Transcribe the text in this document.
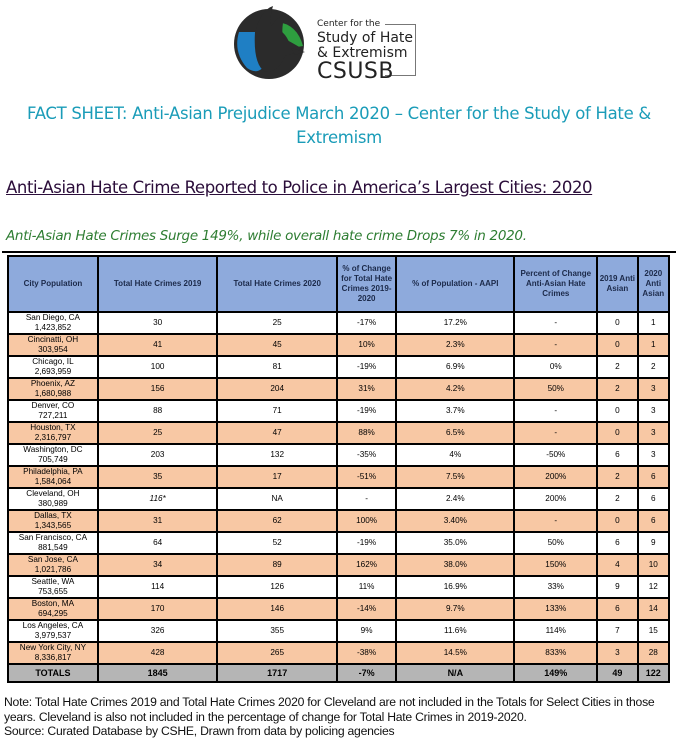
Center for the
Study of Hate
& Extremism
CSUSB
FACT SHEET: Anti-Asian Prejudice March 2020 – Center for the Study of Hate & Extremism
Anti-Asian Hate Crime Reported to Police in America’s Largest Cities: 2020
Anti-Asian Hate Crimes Surge 149%, while overall hate crime Drops 7% in 2020.
City Population	Total Hate Crimes 2019	Total Hate Crimes 2020	% of Change for Total Hate Crimes 2019-2020	% of Population - AAPI	Percent of Change Anti-Asian Hate Crimes	2019 Anti Asian	2020 Anti Asian

San Diego, CA
1,423,852	30	25	-17%	17.2%	-	0	1

Cincinatti, OH
303,954	41	45	10%	2.3%	-	0	1

Chicago, IL
2,693,959	100	81	-19%	6.9%	0%	2	2

Phoenix, AZ
1,680,988	156	204	31%	4.2%	50%	2	3

Denver, CO
727,211	88	71	-19%	3.7%	-	0	3

Houston, TX
2,316,797	25	47	88%	6.5%	-	0	3

Washington, DC
705,749	203	132	-35%	4%	-50%	6	3

Philadelphia, PA
1,584,064	35	17	-51%	7.5%	200%	2	6

Cleveland, OH
380,989	116*	NA	-	2.4%	200%	2	6

Dallas, TX
1,343,565	31	62	100%	3.40%	-	0	6

San Francisco, CA
881,549	64	52	-19%	35.0%	50%	6	9

San Jose, CA
1,021,786	34	89	162%	38.0%	150%	4	10

Seattle, WA
753,655	114	126	11%	16.9%	33%	9	12

Boston, MA
694,295	170	146	-14%	9.7%	133%	6	14

Los Angeles, CA
3,979,537	326	355	9%	11.6%	114%	7	15

New York City, NY
8,336,817	428	265	-38%	14.5%	833%	3	28
TOTALS	1845	1717	-7%	N/A	149%	49	122
Note: Total Hate Crimes 2019 and Total Hate Crimes 2020 for Cleveland are not included in the Totals for Select Cities in those years. Cleveland is also not included in the percentage of change for Total Hate Crimes in 2019-2020.
Source: Curated Database by CSHE, Drawn from data by policing agencies
